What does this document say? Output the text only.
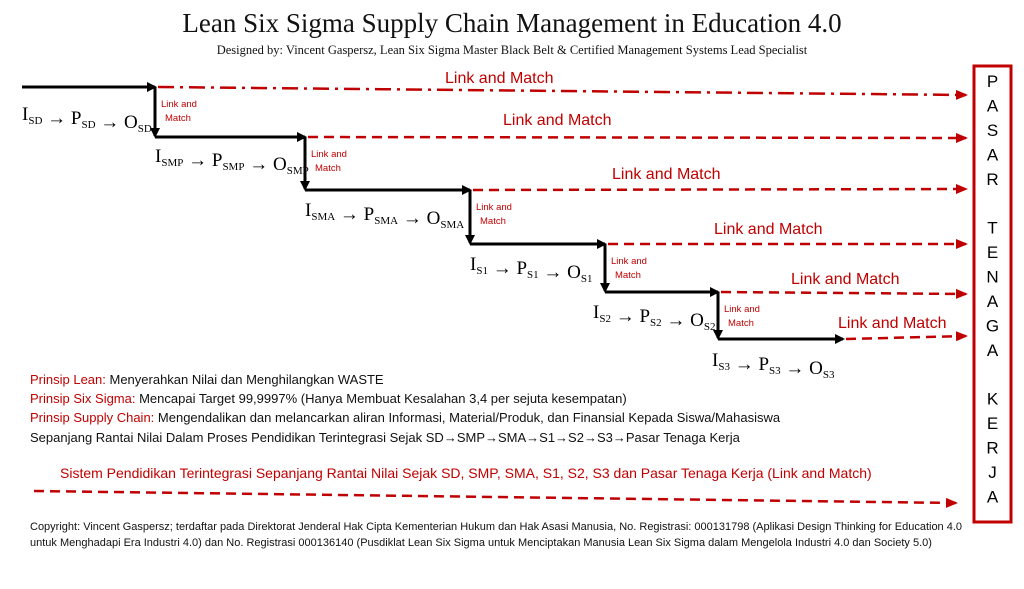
Lean Six Sigma Supply Chain Management in Education 4.0

Designed by: Vincent Gaspersz, Lean Six Sigma Master Black Belt & Certified Management Systems Lead Specialist

Link and Match
Link and Match
$I_{SD} \to P_{SD} \to O_{SD}$
Link and Match
Link and Match
$I_{SMP} \to P_{SMP} \to O_{SMP}$
Link and Match
Link and Match
$I_{SMA} \to P_{SMA} \to O_{SMA}$
Link and Match
Link and Match
$I_{S1} \to P_{S1} \to O_{S1}$
Link and Match
Link and Match
$I_{S2} \to P_{S2} \to O_{S2}$	Link and Match
$I_{S3} \to P_{S3} \to O_{S3}$
P
A
S
A
R
T
E
N
A
G
A
K
E
R
J
A
Prinsip Lean: Menyerahkan Nilai dan Menghilangkan WASTE
Prinsip Six Sigma: Mencapai Target 99,9997% (Hanya Membuat Kesalahan 3,4 per sejuta kesempatan)
Prinsip Supply Chain: Mengendalikan dan melancarkan aliran Informasi, Material/Produk, dan Finansial Kepada Siswa/Mahasiswa
Sepanjang Rantai Nilai Dalam Proses Pendidikan Terintegrasi Sejak SD→SMP→SMA→S1→S2→S3→Pasar Tenaga Kerja
Sistem Pendidikan Terintegrasi Sepanjang Rantai Nilai Sejak SD, SMP, SMA, S1, S2, S3 dan Pasar Tenaga Kerja (Link and Match)
Copyright: Vincent Gaspersz; terdaftar pada Direktorat Jenderal Hak Cipta Kementerian Hukum dan Hak Asasi Manusia, No. Registrasi: 000131798 (Aplikasi Design Thinking for Education 4.0 untuk Menghadapi Era Industri 4.0) dan No. Registrasi 000136140 (Pusdiklat Lean Six Sigma untuk Menciptakan Manusia Lean Six Sigma dalam Mengelola Industri 4.0 dan Society 5.0)
